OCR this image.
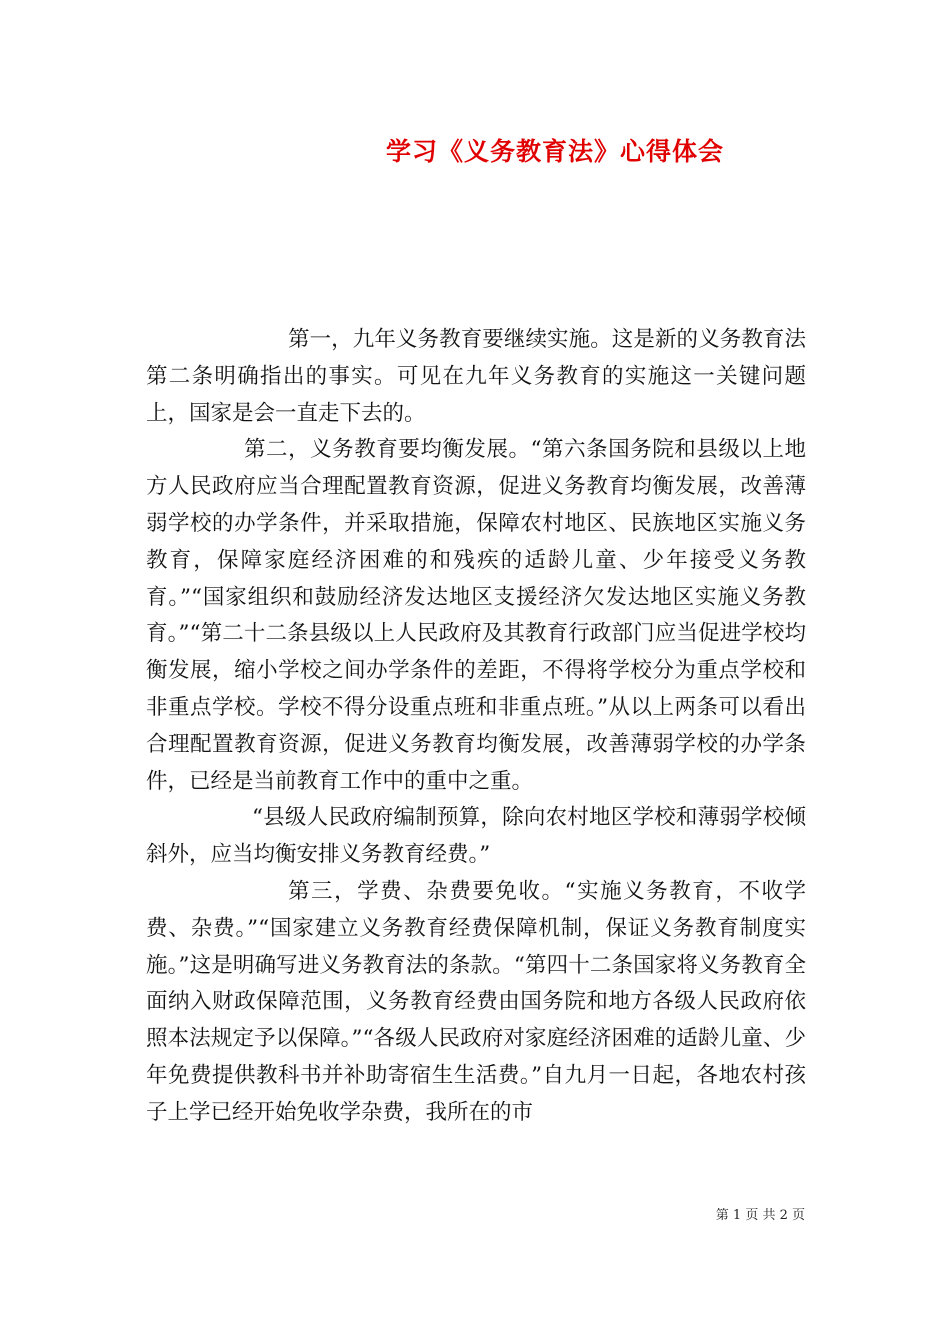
学习《义务教育法》心得体会

第一，九年义务教育要继续实施。这是新的义务教育法第二条明确指出的事实。可见在九年义务教育的实施这一关键问题上，国家是会一直走下去的。

第二，义务教育要均衡发展。“第六条国务院和县级以上地方人民政府应当合理配置教育资源，促进义务教育均衡发展，改善薄弱学校的办学条件，并采取措施，保障农村地区、民族地区实施义务教育，保障家庭经济困难的和残疾的适龄儿童、少年接受义务教育。”“国家组织和鼓励经济发达地区支援经济欠发达地区实施义务教育。”“第二十二条县级以上人民政府及其教育行政部门应当促进学校均衡发展，缩小学校之间办学条件的差距，不得将学校分为重点学校和非重点学校。学校不得分设重点班和非重点班。”从以上两条可以看出合理配置教育资源，促进义务教育均衡发展，改善薄弱学校的办学条件，已经是当前教育工作中的重中之重。

“县级人民政府编制预算，除向农村地区学校和薄弱学校倾斜外，应当均衡安排义务教育经费。”

第三，学费、杂费要免收。“实施义务教育，不收学费、杂费。”“国家建立义务教育经费保障机制，保证义务教育制度实施。”这是明确写进义务教育法的条款。“第四十二条国家将义务教育全面纳入财政保障范围，义务教育经费由国务院和地方各级人民政府依照本法规定予以保障。”“各级人民政府对家庭经济困难的适龄儿童、少年免费提供教科书并补助寄宿生生活费。”自九月一日起，各地农村孩子上学已经开始免收学杂费，我所在的市

第 1 页 共 2 页
